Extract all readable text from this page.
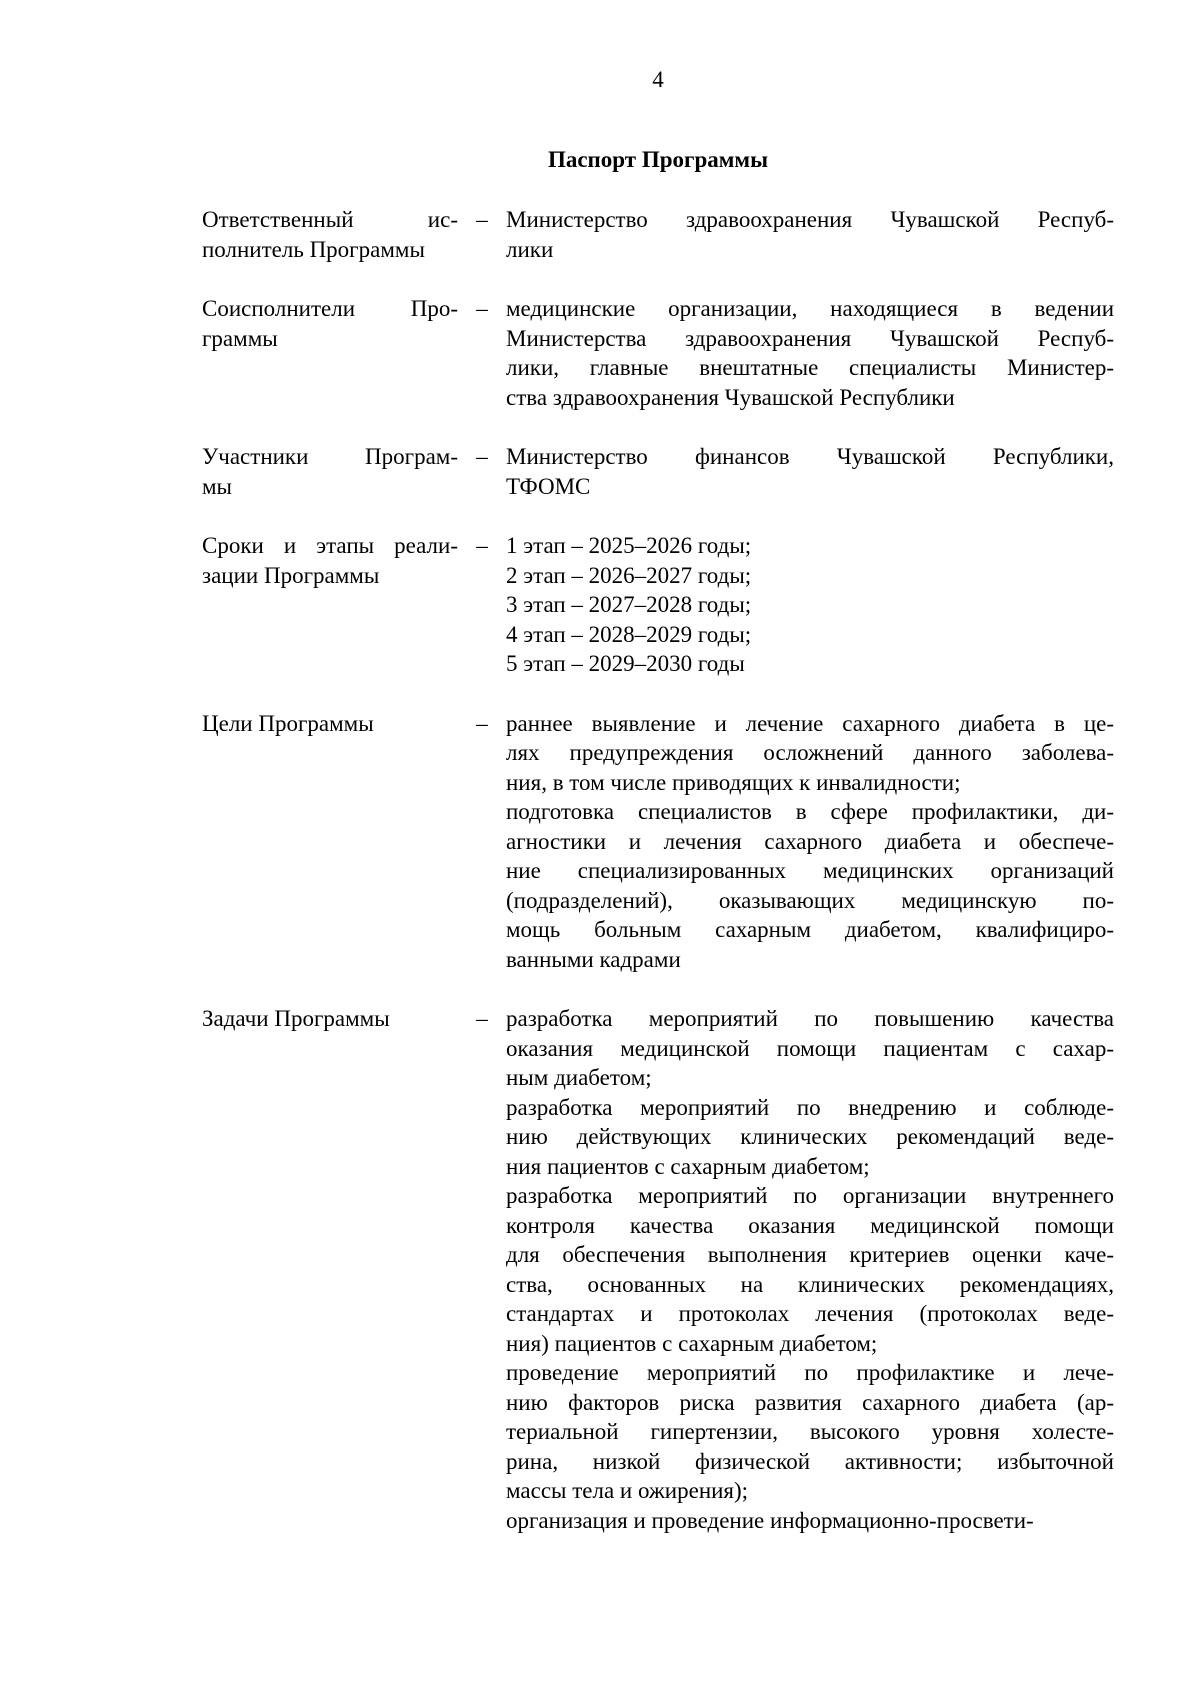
4
Паспорт Программы
Ответственный ис-
полнитель Программы
– Министерство здравоохранения Чувашской Респуб-
лики

Соисполнители Про-
граммы
– медицинские организации, находящиеся в ведении
Министерства здравоохранения Чувашской Респуб-
лики, главные внештатные специалисты Министер-
ства здравоохранения Чувашской Республики

Участники Програм-
мы
– Министерство финансов Чувашской Республики,
ТФОМС

Сроки и этапы реали-
зации Программы
– 1 этап – 2025–2026 годы;

2 этап – 2026–2027 годы;

3 этап – 2027–2028 годы;

4 этап – 2028–2029 годы;

5 этап – 2029–2030 годы

Цели Программы	– раннее выявление и лечение сахарного диабета в це-
лях предупреждения осложнений данного заболева-
ния, в том числе приводящих к инвалидности;

подготовка специалистов в сфере профилактики, ди-
агностики и лечения сахарного диабета и обеспече-
ние специализированных медицинских организаций
(подразделений), оказывающих медицинскую по-
мощь больным сахарным диабетом, квалифициро-
ванными кадрами

Задачи Программы	– разработка мероприятий по повышению качества
оказания медицинской помощи пациентам с сахар-
ным диабетом;

разработка мероприятий по внедрению и соблюде-
нию действующих клинических рекомендаций веде-
ния пациентов с сахарным диабетом;

разработка мероприятий по организации внутреннего
контроля качества оказания медицинской помощи
для обеспечения выполнения критериев оценки каче-
ства, основанных на клинических рекомендациях,
стандартах и протоколах лечения (протоколах веде-
ния) пациентов с сахарным диабетом;

проведение мероприятий по профилактике и лече-
нию факторов риска развития сахарного диабета (ар-
териальной гипертензии, высокого уровня холесте-
рина, низкой физической активности; избыточной
массы тела и ожирения);

организация и проведение информационно-просвети-
